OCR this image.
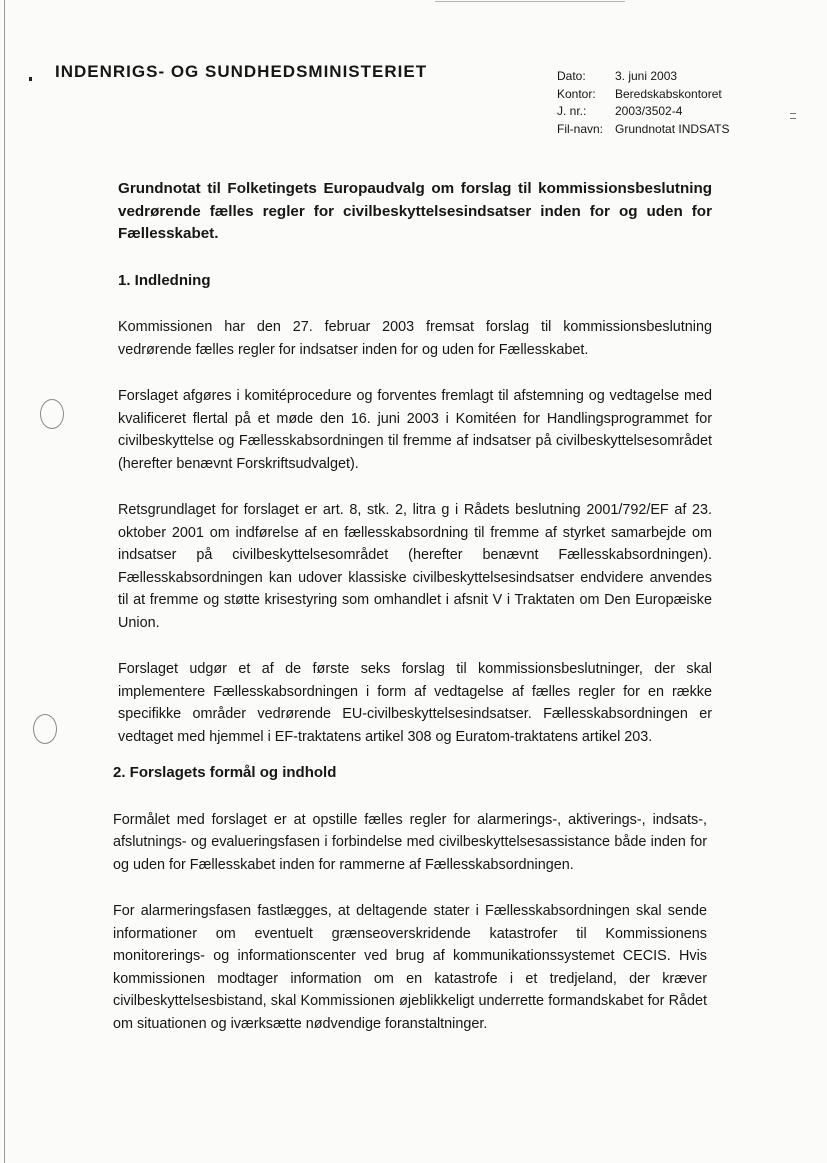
INDENRIGS- OG SUNDHEDSMINISTERIET	Dato:	3. juni 2003
Kontor:	Beredskabskontoret
J. nr.:	2003/3502-4
Fil-navn:	Grundnotat INDSATS

Grundnotat til Folketingets Europaudvalg om forslag til kommissionsbeslutning vedrørende fælles regler for civilbeskyttelsesindsatser inden for og uden for Fællesskabet.

1. Indledning

Kommissionen har den 27. februar 2003 fremsat forslag til kommissionsbeslutning vedrørende fælles regler for indsatser inden for og uden for Fællesskabet.

Forslaget afgøres i komitéprocedure og forventes fremlagt til afstemning og vedtagelse med kvalificeret flertal på et møde den 16. juni 2003 i Komitéen for Handlingsprogrammet for civilbeskyttelse og Fællesskabsordningen til fremme af indsatser på civilbeskyttelsesområdet (herefter benævnt Forskriftsudvalget).

Retsgrundlaget for forslaget er art. 8, stk. 2, litra g i Rådets beslutning 2001/792/EF af 23. oktober 2001 om indførelse af en fællesskabsordning til fremme af styrket samarbejde om indsatser på civilbeskyttelsesområdet (herefter benævnt Fællesskabsordningen). Fællesskabsordningen kan udover klassiske civilbeskyttelsesindsatser endvidere anvendes til at fremme og støtte krisestyring som omhandlet i afsnit V i Traktaten om Den Europæiske Union.

Forslaget udgør et af de første seks forslag til kommissionsbeslutninger, der skal implementere Fællesskabsordningen i form af vedtagelse af fælles regler for en række specifikke områder vedrørende EU-civilbeskyttelsesindsatser. Fællesskabsordningen er vedtaget med hjemmel i EF-traktatens artikel 308 og Euratom-traktatens artikel 203.

2. Forslagets formål og indhold

Formålet med forslaget er at opstille fælles regler for alarmerings-, aktiverings-, indsats-, afslutnings- og evalueringsfasen i forbindelse med civilbeskyttelsesassistance både inden for og uden for Fællesskabet inden for rammerne af Fællesskabsordningen.

For alarmeringsfasen fastlægges, at deltagende stater i Fællesskabsordningen skal sende informationer om eventuelt grænseoverskridende katastrofer til Kommissionens monitorerings- og informationscenter ved brug af kommunikationssystemet CECIS. Hvis kommissionen modtager information om en katastrofe i et tredjeland, der kræver civilbeskyttelsesbistand, skal Kommissionen øjeblikkeligt underrette formandskabet for Rådet om situationen og iværksætte nødvendige foranstaltninger.
